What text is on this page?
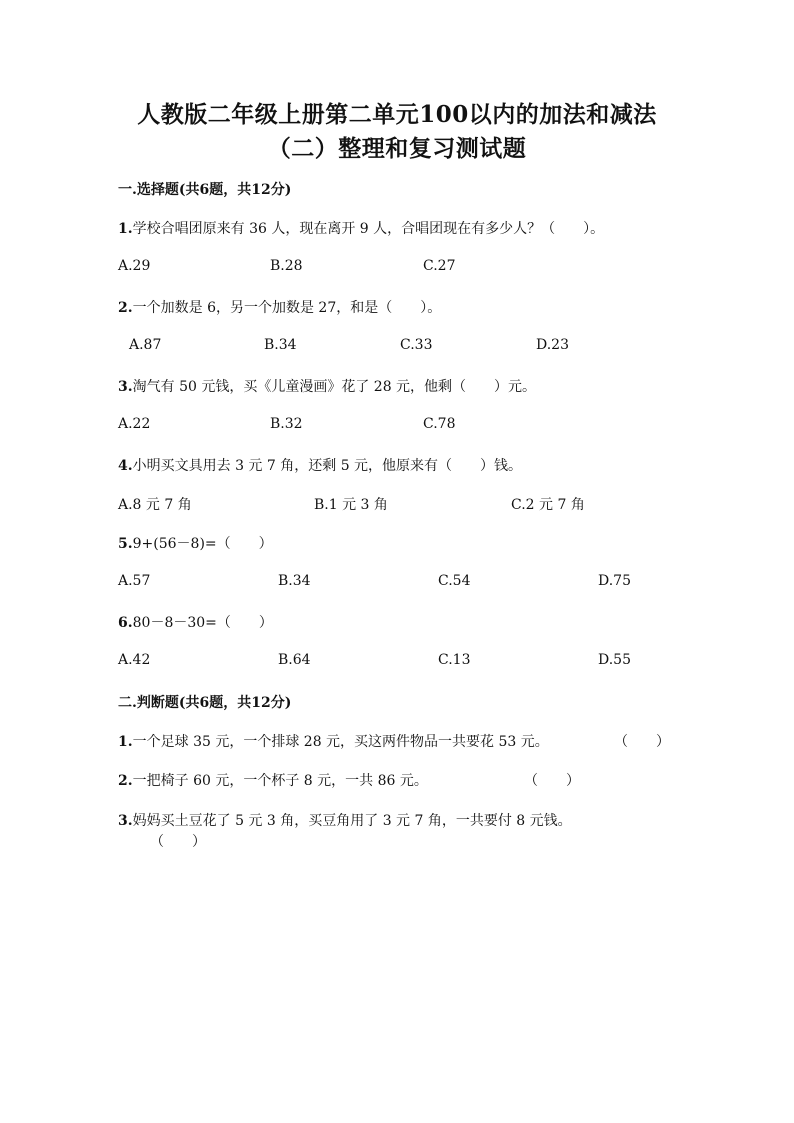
人教版二年级上册第二单元100以内的加法和减法
（二）整理和复习测试题
一.选择题(共6题，共12分)
1.学校合唱团原来有 36 人，现在离开 9 人，合唱团现在有多少人？（　　）。
A.29	B.28	C.27
2.一个加数是 6，另一个加数是 27，和是（　　）。
A.87	B.34	C.33	D.23
3.淘气有 50 元钱，买《儿童漫画》花了 28 元，他剩（　　）元。
A.22	B.32	C.78
4.小明买文具用去 3 元 7 角，还剩 5 元，他原来有（　　）钱。
A.8 元 7 角	B.1 元 3 角	C.2 元 7 角
5.9+(56－8)=（　　）
A.57	B.34	C.54	D.75
6.80－8－30=（　　）
A.42	B.64	C.13	D.55
二.判断题(共6题，共12分)
1.一个足球 35 元，一个排球 28 元，买这两件物品一共要花 53 元。	（　　）
2.一把椅子 60 元，一个杯子 8 元，一共 86 元。	（　　）
3.妈妈买土豆花了 5 元 3 角，买豆角用了 3 元 7 角，一共要付 8 元钱。
（　　）
